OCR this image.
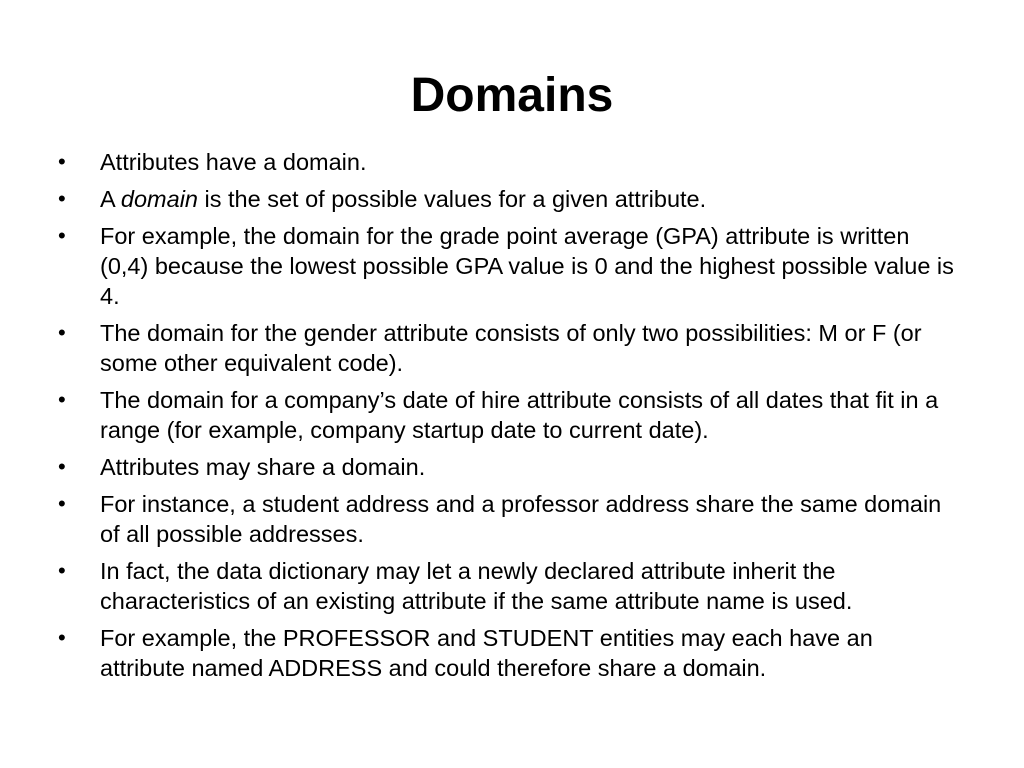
Domains
•	Attributes have a domain.
•	A domain is the set of possible values for a given attribute.
•	For example, the domain for the grade point average (GPA) attribute is written (0,4) because the lowest possible GPA value is 0 and the highest possible value is 4.
•	The domain for the gender attribute consists of only two possibilities: M or F (or some other equivalent code).
•	The domain for a company’s date of hire attribute consists of all dates that fit in a range (for example, company startup date to current date).
•	Attributes may share a domain.
•	For instance, a student address and a professor address share the same domain of all possible addresses.
•	In fact, the data dictionary may let a newly declared attribute inherit the characteristics of an existing attribute if the same attribute name is used.
•	For example, the PROFESSOR and STUDENT entities may each have an attribute named ADDRESS and could therefore share a domain.
